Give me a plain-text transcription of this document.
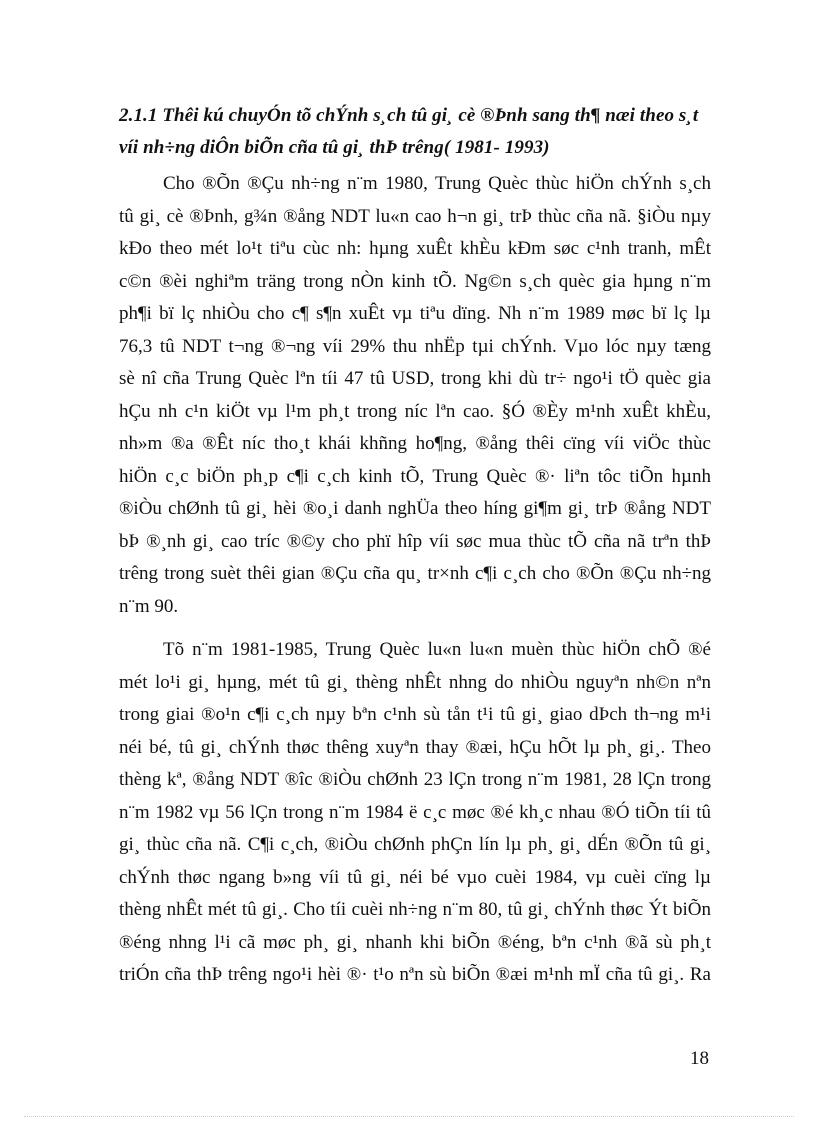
2.1.1 Thêi kú chuyÓn tõ chÝnh s¸ch tû gi¸ cè ®Þnh sang th¶ næi theo s¸t
víi nh÷ng diÔn biÕn cña tû gi¸ thÞ trêng( 1981- 1993)
Cho ®Õn ®Çu nh÷ng n¨m 1980, Trung Quèc thùc hiÖn chÝnh s¸ch
tû gi¸ cè ®Þnh, g¾n ®ång NDT lu«n cao h¬n gi¸ trÞ thùc cña nã. §iÒu nµy
kÐo theo mét lo¹t tiªu cùc nh: hµng xuÊt khÈu kÐm søc c¹nh tranh, mÊt
c©n ®èi nghiªm träng trong nÒn kinh tÕ. Ng©n s¸ch quèc gia hµng n¨m
ph¶i bï lç nhiÒu cho c¶ s¶n xuÊt vµ tiªu dïng. Nh n¨m 1989 møc bï lç lµ
76,3 tû NDT t¬ng ®¬ng víi 29% thu nhËp tµi chÝnh. Vµo lóc nµy tæng
sè nî cña Trung Quèc lªn tíi 47 tû USD, trong khi dù tr÷ ngo¹i tÖ quèc gia
hÇu nh c¹n kiÖt vµ l¹m ph¸t trong níc lªn cao. §Ó ®Èy m¹nh xuÊt khÈu,
nh»m ®a ®Êt níc tho¸t khái khñng ho¶ng, ®ång thêi cïng víi viÖc thùc
hiÖn c¸c biÖn ph¸p c¶i c¸ch kinh tÕ, Trung Quèc ®· liªn tôc tiÕn hµnh
®iÒu chØnh tû gi¸ hèi ®o¸i danh nghÜa theo híng gi¶m gi¸ trÞ ®ång NDT
bÞ ®¸nh gi¸ cao tríc ®©y cho phï hîp víi søc mua thùc tÕ cña nã trªn thÞ
trêng trong suèt thêi gian ®Çu cña qu¸ tr×nh c¶i c¸ch cho ®Õn ®Çu nh÷ng
n¨m 90.
Tõ n¨m 1981-1985, Trung Quèc lu«n lu«n muèn thùc hiÖn chÕ ®é
mét lo¹i gi¸ hµng, mét tû gi¸ thèng nhÊt nhng do nhiÒu nguyªn nh©n nªn
trong giai ®o¹n c¶i c¸ch nµy bªn c¹nh sù tån t¹i tû gi¸ giao dÞch th¬ng m¹i
néi bé, tû gi¸ chÝnh thøc thêng xuyªn thay ®æi, hÇu hÕt lµ ph¸ gi¸. Theo
thèng kª, ®ång NDT ®îc ®iÒu chØnh 23 lÇn trong n¨m 1981, 28 lÇn trong
n¨m 1982 vµ 56 lÇn trong n¨m 1984 ë c¸c møc ®é kh¸c nhau ®Ó tiÕn tíi tû
gi¸ thùc cña nã. C¶i c¸ch, ®iÒu chØnh phÇn lín lµ ph¸ gi¸ dÉn ®Õn tû gi¸
chÝnh thøc ngang b»ng víi tû gi¸ néi bé vµo cuèi 1984, vµ cuèi cïng lµ
thèng nhÊt mét tû gi¸. Cho tíi cuèi nh÷ng n¨m 80, tû gi¸ chÝnh thøc Ýt biÕn
®éng nhng l¹i cã møc ph¸ gi¸ nhanh khi biÕn ®éng, bªn c¹nh ®ã sù ph¸t
triÓn cña thÞ trêng ngo¹i hèi ®· t¹o nªn sù biÕn ®æi m¹nh mÏ cña tû gi¸. Ra
18
